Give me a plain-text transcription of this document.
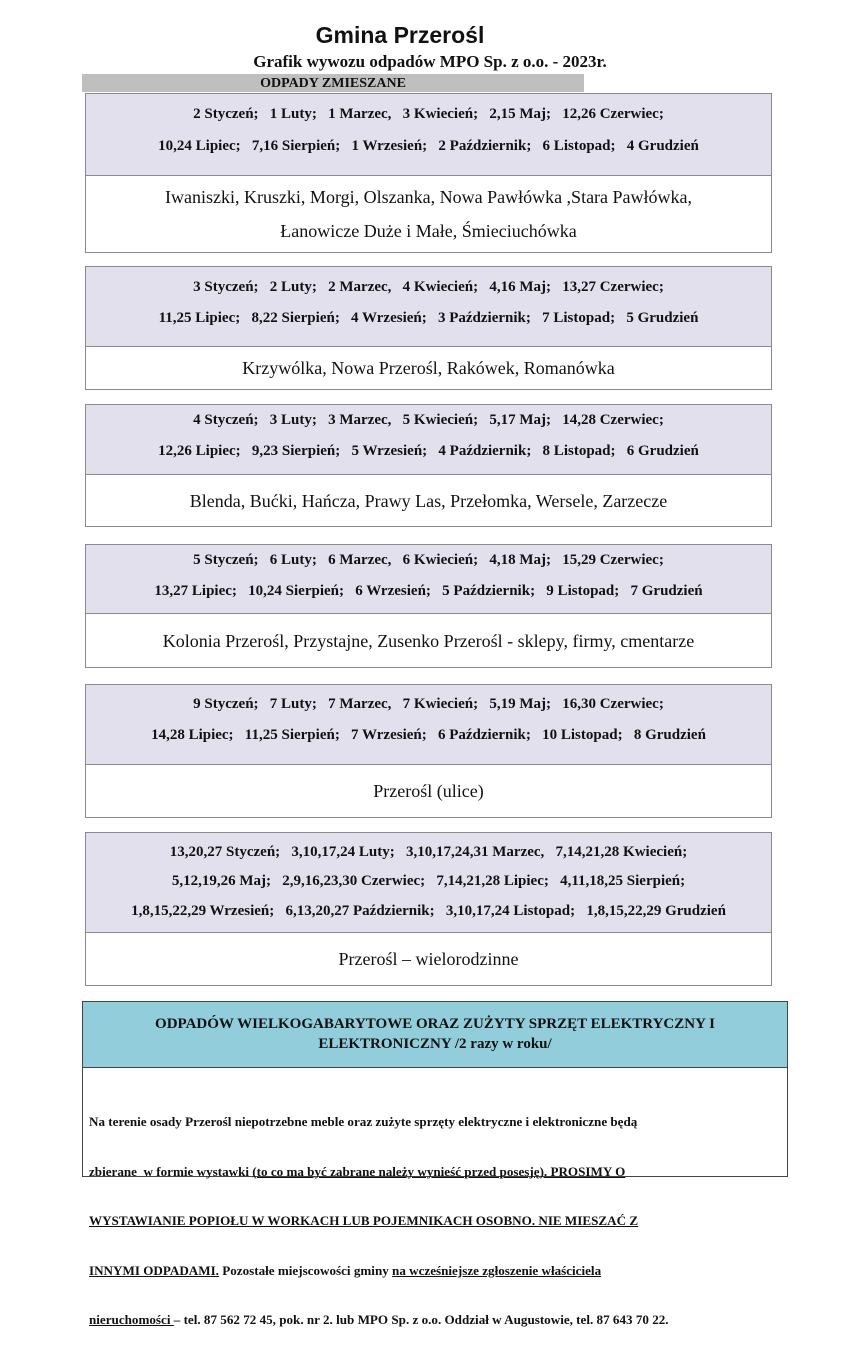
Gmina Przerośl
Grafik wywozu odpadów MPO Sp. z o.o. - 2023r.
ODPADY ZMIESZANE
2 Styczeń;   1 Luty;   1 Marzec,   3 Kwiecień;   2,15 Maj;   12,26 Czerwiec;
10,24 Lipiec;   7,16 Sierpień;   1 Wrzesień;   2 Październik;   6 Listopad;   4 Grudzień
Iwaniszki, Kruszki, Morgi, Olszanka, Nowa Pawłówka ,Stara Pawłówka,
Łanowicze Duże i Małe, Śmieciuchówka
3 Styczeń;   2 Luty;   2 Marzec,   4 Kwiecień;   4,16 Maj;   13,27 Czerwiec;
11,25 Lipiec;   8,22 Sierpień;   4 Wrzesień;   3 Październik;   7 Listopad;   5 Grudzień
Krzywólka, Nowa Przerośl, Rakówek, Romanówka
4 Styczeń;   3 Luty;   3 Marzec,   5 Kwiecień;   5,17 Maj;   14,28 Czerwiec;
12,26 Lipiec;   9,23 Sierpień;   5 Wrzesień;   4 Październik;   8 Listopad;   6 Grudzień
Blenda, Bućki, Hańcza, Prawy Las, Przełomka, Wersele, Zarzecze
5 Styczeń;   6 Luty;   6 Marzec,   6 Kwiecień;   4,18 Maj;   15,29 Czerwiec;
13,27 Lipiec;   10,24 Sierpień;   6 Wrzesień;   5 Październik;   9 Listopad;   7 Grudzień
Kolonia Przerośl, Przystajne, Zusenko Przerośl - sklepy, firmy, cmentarze
9 Styczeń;   7 Luty;   7 Marzec,   7 Kwiecień;   5,19 Maj;   16,30 Czerwiec;
14,28 Lipiec;   11,25 Sierpień;   7 Wrzesień;   6 Październik;   10 Listopad;   8 Grudzień
Przerośl (ulice)
13,20,27 Styczeń;   3,10,17,24 Luty;   3,10,17,24,31 Marzec,   7,14,21,28 Kwiecień;
5,12,19,26 Maj;   2,9,16,23,30 Czerwiec;   7,14,21,28 Lipiec;   4,11,18,25 Sierpień;
1,8,15,22,29 Wrzesień;   6,13,20,27 Październik;   3,10,17,24 Listopad;   1,8,15,22,29 Grudzień
Przerośl – wielorodzinne
ODPADÓW WIELKOGABARYTOWE ORAZ ZUŻYTY SPRZĘT ELEKTRYCZNY I
ELEKTRONICZNY /2 razy w roku/

Na terenie osady Przerośl niepotrzebne meble oraz zużyte sprzęty elektryczne i elektroniczne będą

zbierane  w formie wystawki (to co ma być zabrane należy wynieść przed posesję). PROSIMY O

WYSTAWIANIE POPIOŁU W WORKACH LUB POJEMNIKACH OSOBNO. NIE MIESZAĆ Z

INNYMI ODPADAMI. Pozostałe miejscowości gminy na wcześniejsze zgłoszenie właściciela

nieruchomości – tel. 87 562 72 45, pok. nr 2. lub MPO Sp. z o.o. Oddział w Augustowie, tel. 87 643 70 22.
